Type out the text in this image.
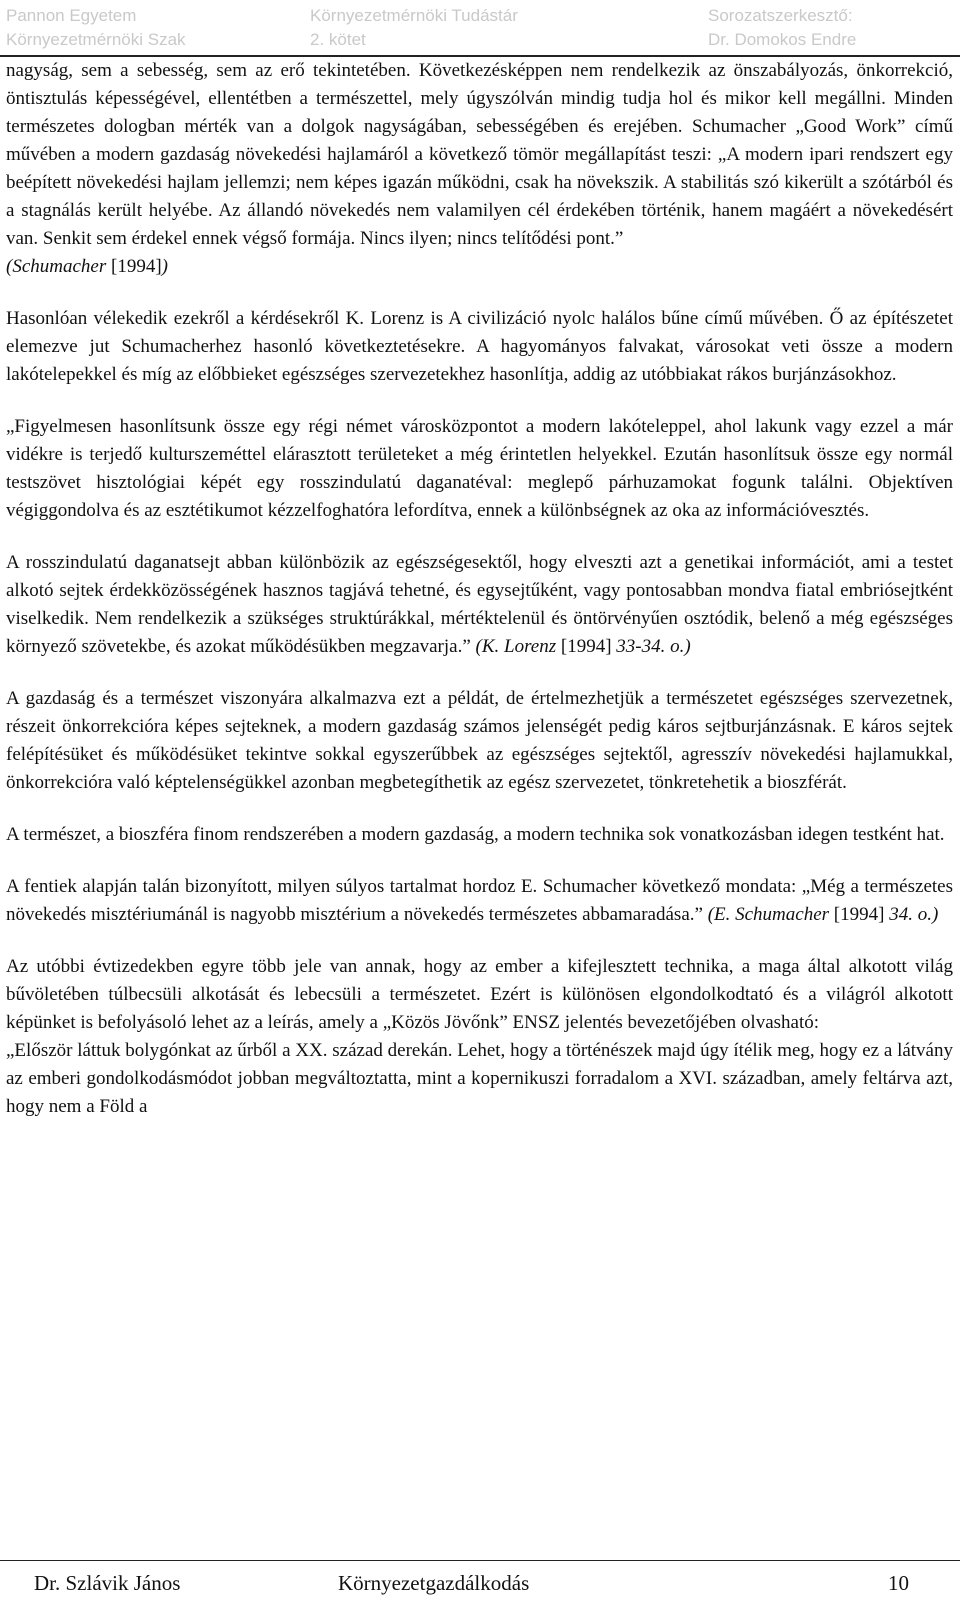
Pannon Egyetem
Környezetmérnöki Szak
Környezetmérnöki Tudástár
2. kötet
Sorozatszerkesztő:
Dr. Domokos Endre

nagyság, sem a sebesség, sem az erő tekintetében. Következésképpen nem rendelkezik az önszabályozás, önkorrekció, öntisztulás képességével, ellentétben a természettel, mely úgyszólván mindig tudja hol és mikor kell megállni. Minden természetes dologban mérték van a dolgok nagyságában, sebességében és erejében. Schumacher „Good Work” című művében a modern gazdaság növekedési hajlamáról a következő tömör megállapítást teszi: „A modern ipari rendszert egy beépített növekedési hajlam jellemzi; nem képes igazán működni, csak ha növekszik. A stabilitás szó kikerült a szótárból és a stagnálás került helyébe. Az állandó növekedés nem valamilyen cél érdekében történik, hanem magáért a növekedésért van. Senkit sem érdekel ennek végső formája. Nincs ilyen; nincs telítődési pont.”
(Schumacher [1994])

Hasonlóan vélekedik ezekről a kérdésekről K. Lorenz is A civilizáció nyolc halálos bűne című művében. Ő az építészetet elemezve jut Schumacherhez hasonló következtetésekre. A hagyományos falvakat, városokat veti össze a modern lakótelepekkel és míg az előbbieket egészséges szervezetekhez hasonlítja, addig az utóbbiakat rákos burjánzásokhoz.

„Figyelmesen hasonlítsunk össze egy régi német városközpontot a modern lakóteleppel, ahol lakunk vagy ezzel a már vidékre is terjedő kulturszeméttel elárasztott területeket a még érintetlen helyekkel. Ezután hasonlítsuk össze egy normál testszövet hisztológiai képét egy rosszindulatú daganatéval: meglepő párhuzamokat fogunk találni. Objektíven végiggondolva és az esztétikumot kézzelfoghatóra lefordítva, ennek a különbségnek az oka az információvesztés.

A rosszindulatú daganatsejt abban különbözik az egészségesektől, hogy elveszti azt a genetikai információt, ami a testet alkotó sejtek érdekközösségének hasznos tagjává tehetné, és egysejtűként, vagy pontosabban mondva fiatal embriósejtként viselkedik. Nem rendelkezik a szükséges struktúrákkal, mértéktelenül és öntörvényűen osztódik, belenő a még egészséges környező szövetekbe, és azokat működésükben megzavarja.” (K. Lorenz [1994] 33-34. o.)

A gazdaság és a természet viszonyára alkalmazva ezt a példát, de értelmezhetjük a természetet egészséges szervezetnek, részeit önkorrekcióra képes sejteknek, a modern gazdaság számos jelenségét pedig káros sejtburjánzásnak. E káros sejtek felépítésüket és működésüket tekintve sokkal egyszerűbbek az egészséges sejtektől, agresszív növekedési hajlamukkal, önkorrekcióra való képtelenségükkel azonban megbetegíthetik az egész szervezetet, tönkretehetik a bioszférát.

A természet, a bioszféra finom rendszerében a modern gazdaság, a modern technika sok vonatkozásban idegen testként hat.

A fentiek alapján talán bizonyított, milyen súlyos tartalmat hordoz E. Schumacher következő mondata: „Még a természetes növekedés misztériumánál is nagyobb misztérium a növekedés természetes abbamaradása.” (E. Schumacher [1994] 34. o.)

Az utóbbi évtizedekben egyre több jele van annak, hogy az ember a kifejlesztett technika, a maga által alkotott világ bűvöletében túlbecsüli alkotását és lebecsüli a természetet. Ezért is különösen elgondolkodtató és a világról alkotott képünket is befolyásoló lehet az a leírás, amely a „Közös Jövőnk” ENSZ jelentés bevezetőjében olvasható:

„Először láttuk bolygónkat az űrből a XX. század derekán. Lehet, hogy a történészek majd úgy ítélik meg, hogy ez a látvány az emberi gondolkodásmódot jobban megváltoztatta, mint a kopernikuszi forradalom a XVI. században, amely feltárva azt, hogy nem a Föld a

Dr. Szlávik János	Környezetgazdálkodás	10
